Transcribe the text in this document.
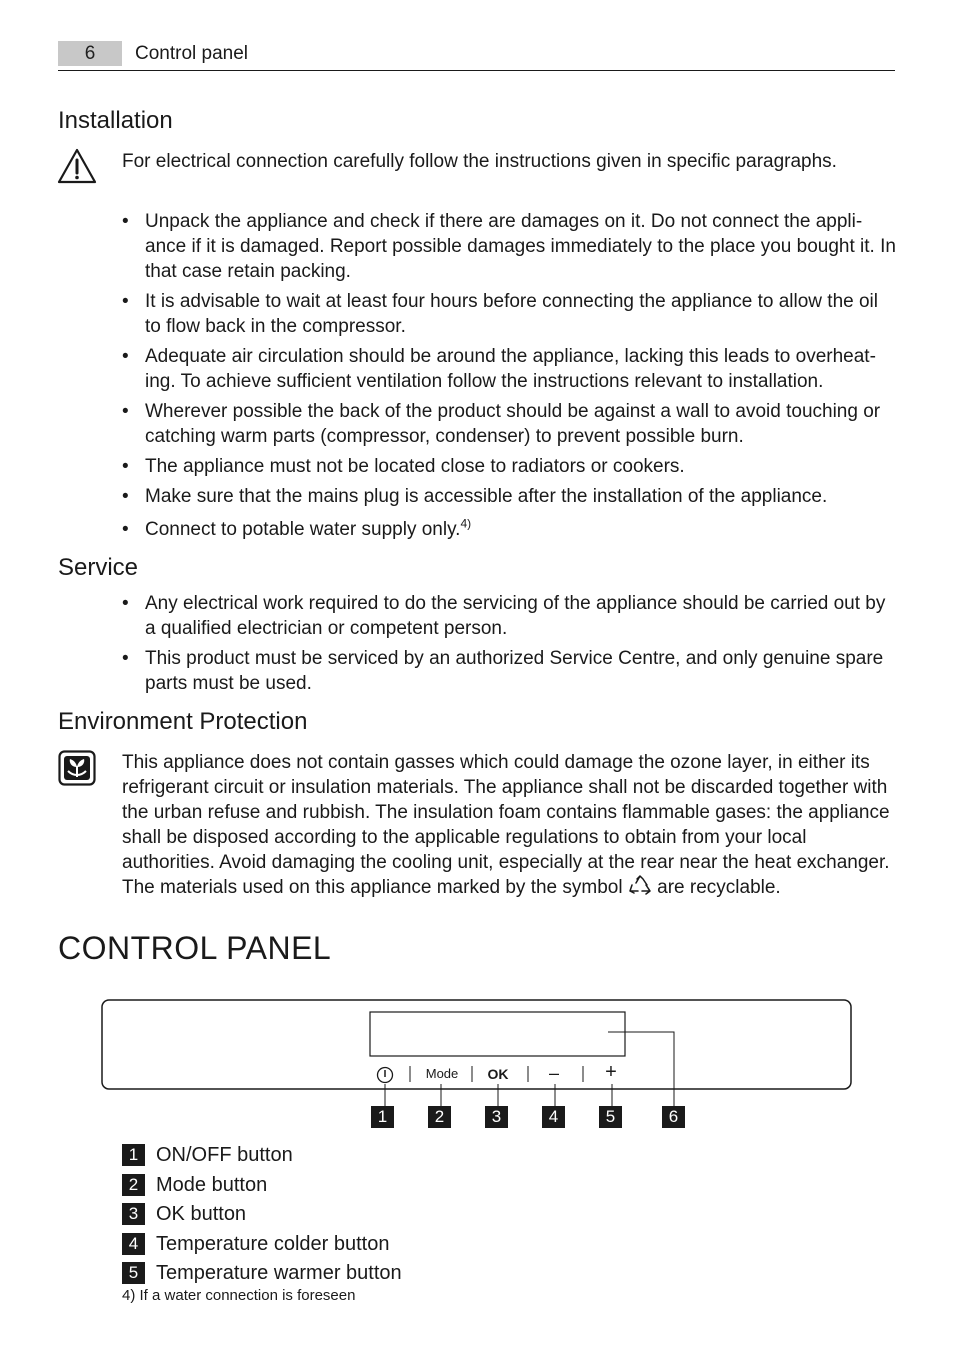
6	Control panel
Installation
For electrical connection carefully follow the instructions given in specific paragraphs.
• Unpack the appliance and check if there are damages on it. Do not connect the appli-ance if it is damaged. Report possible damages immediately to the place you bought it. In that case retain packing.
• It is advisable to wait at least four hours before connecting the appliance to allow the oil to flow back in the compressor.
• Adequate air circulation should be around the appliance, lacking this leads to overheat-ing. To achieve sufficient ventilation follow the instructions relevant to installation.
• Wherever possible the back of the product should be against a wall to avoid touching or catching warm parts (compressor, condenser) to prevent possible burn.
• The appliance must not be located close to radiators or cookers.
• Make sure that the mains plug is accessible after the installation of the appliance.
• Connect to potable water supply only.$^{4)}$
Service
• Any electrical work required to do the servicing of the appliance should be carried out by a qualified electrician or competent person.
• This product must be serviced by an authorized Service Centre, and only genuine spare parts must be used.
Environment Protection
This appliance does not contain gasses which could damage the ozone layer, in either its refrigerant circuit or insulation materials. The appliance shall not be discarded together with the urban refuse and rubbish. The insulation foam contains flammable gases: the appliance shall be disposed according to the applicable regulations to obtain from your local authorities. Avoid damaging the cooling unit, especially at the rear near the heat exchanger. The materials used on this appliance marked by the symbol are recyclable.
CONTROL PANEL
Mode	OK	–	+
1	2	3	4	5	6
1 ON/OFF button
2 Mode button
3 OK button
4 Temperature colder button
5 Temperature warmer button
4) If a water connection is foreseen
